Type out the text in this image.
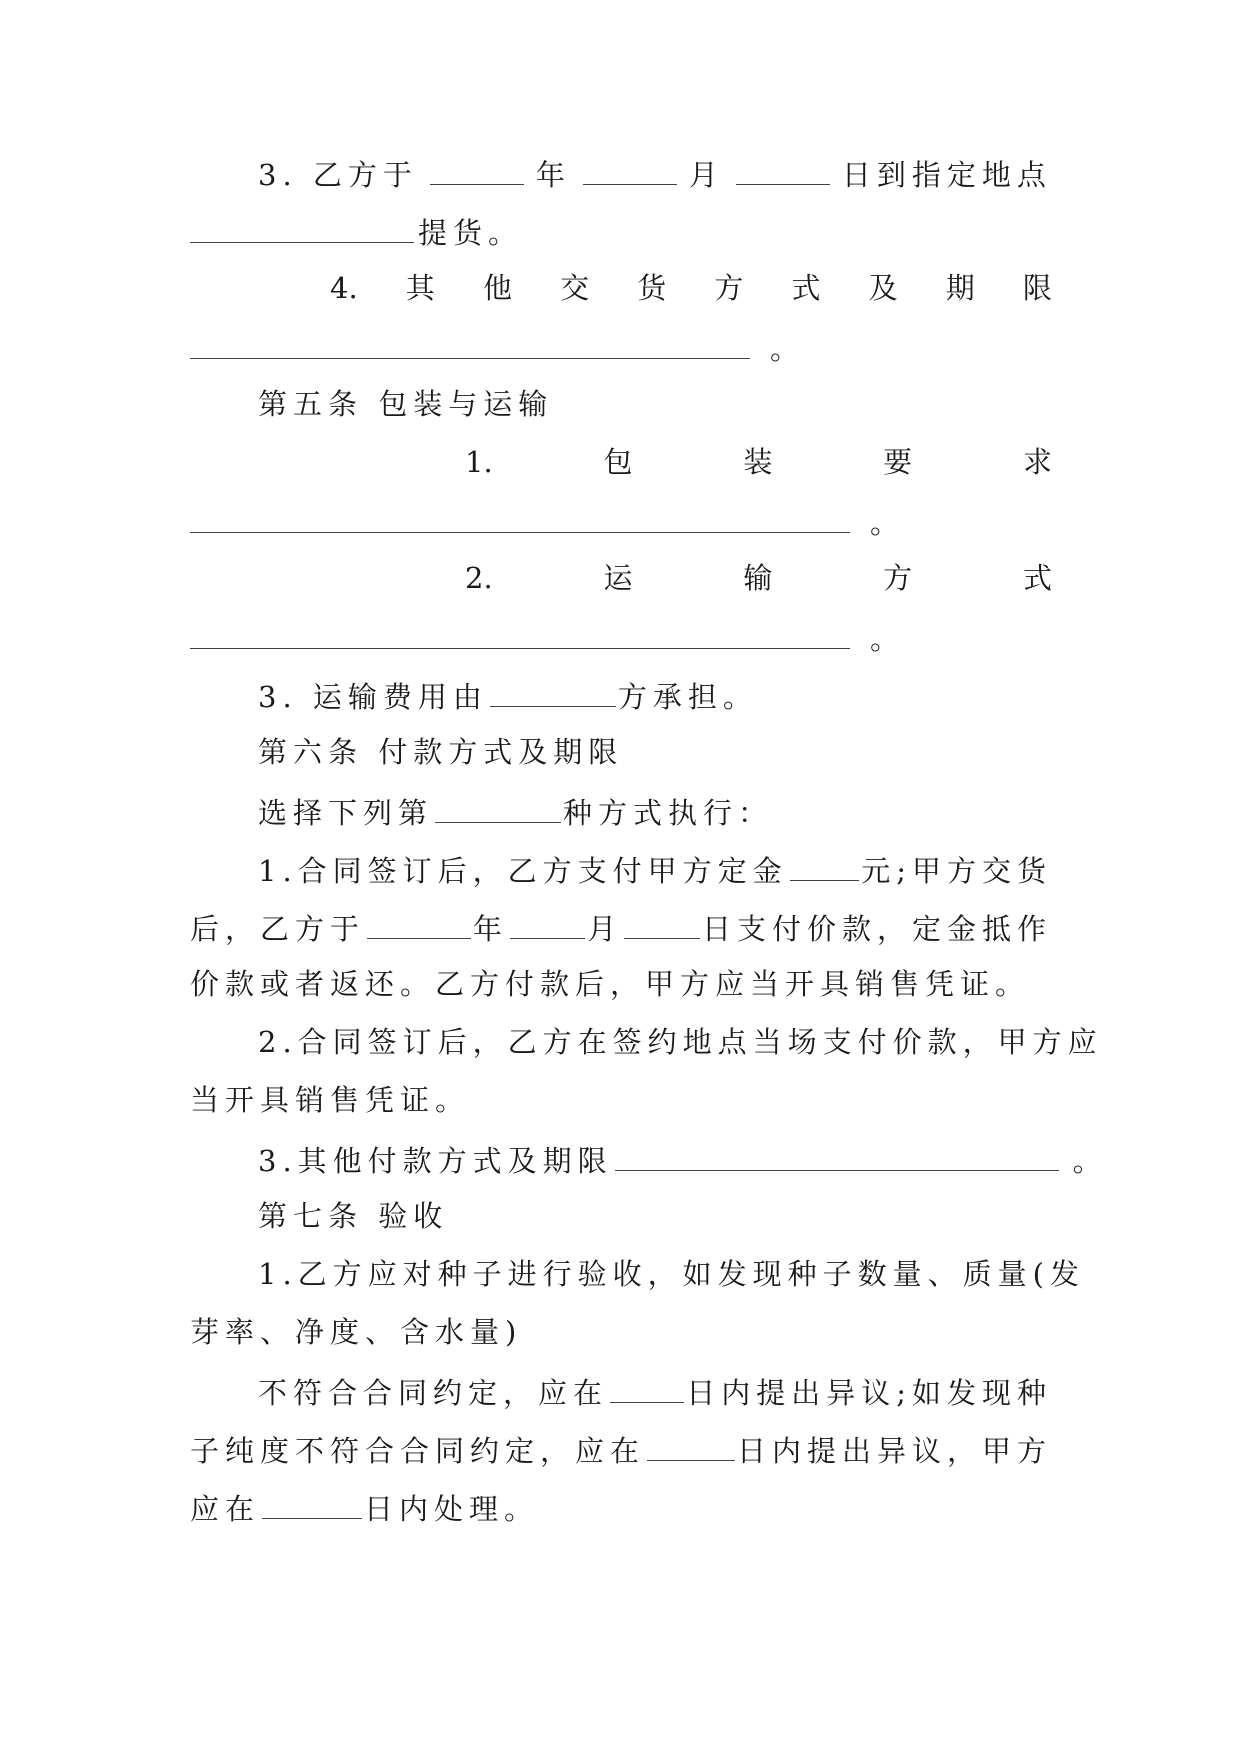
3. 乙方于	年	月	日到指定地点
提货。
4. 其 他 交 货 方 式 及 期 限
。
第五条 包装与运输
1.	包	装	要	求
。
2.	运	输	方	式
。
3. 运输费用由	方承担。
第六条 付款方式及期限
选择下列第	种方式执行：
1.合同签订后，乙方支付甲方定金	元;甲方交货
后，乙方于	年	月	日支付价款，定金抵作
价款或者返还。乙方付款后，甲方应当开具销售凭证。
2.合同签订后，乙方在签约地点当场支付价款，甲方应
当开具销售凭证。
3.其他付款方式及期限	。
第七条 验收
1.乙方应对种子进行验收，如发现种子数量、质量(发
芽率、净度、含水量)
不符合合同约定，应在	日内提出异议;如发现种
子纯度不符合合同约定，应在	日内提出异议，甲方
应在	日内处理。
